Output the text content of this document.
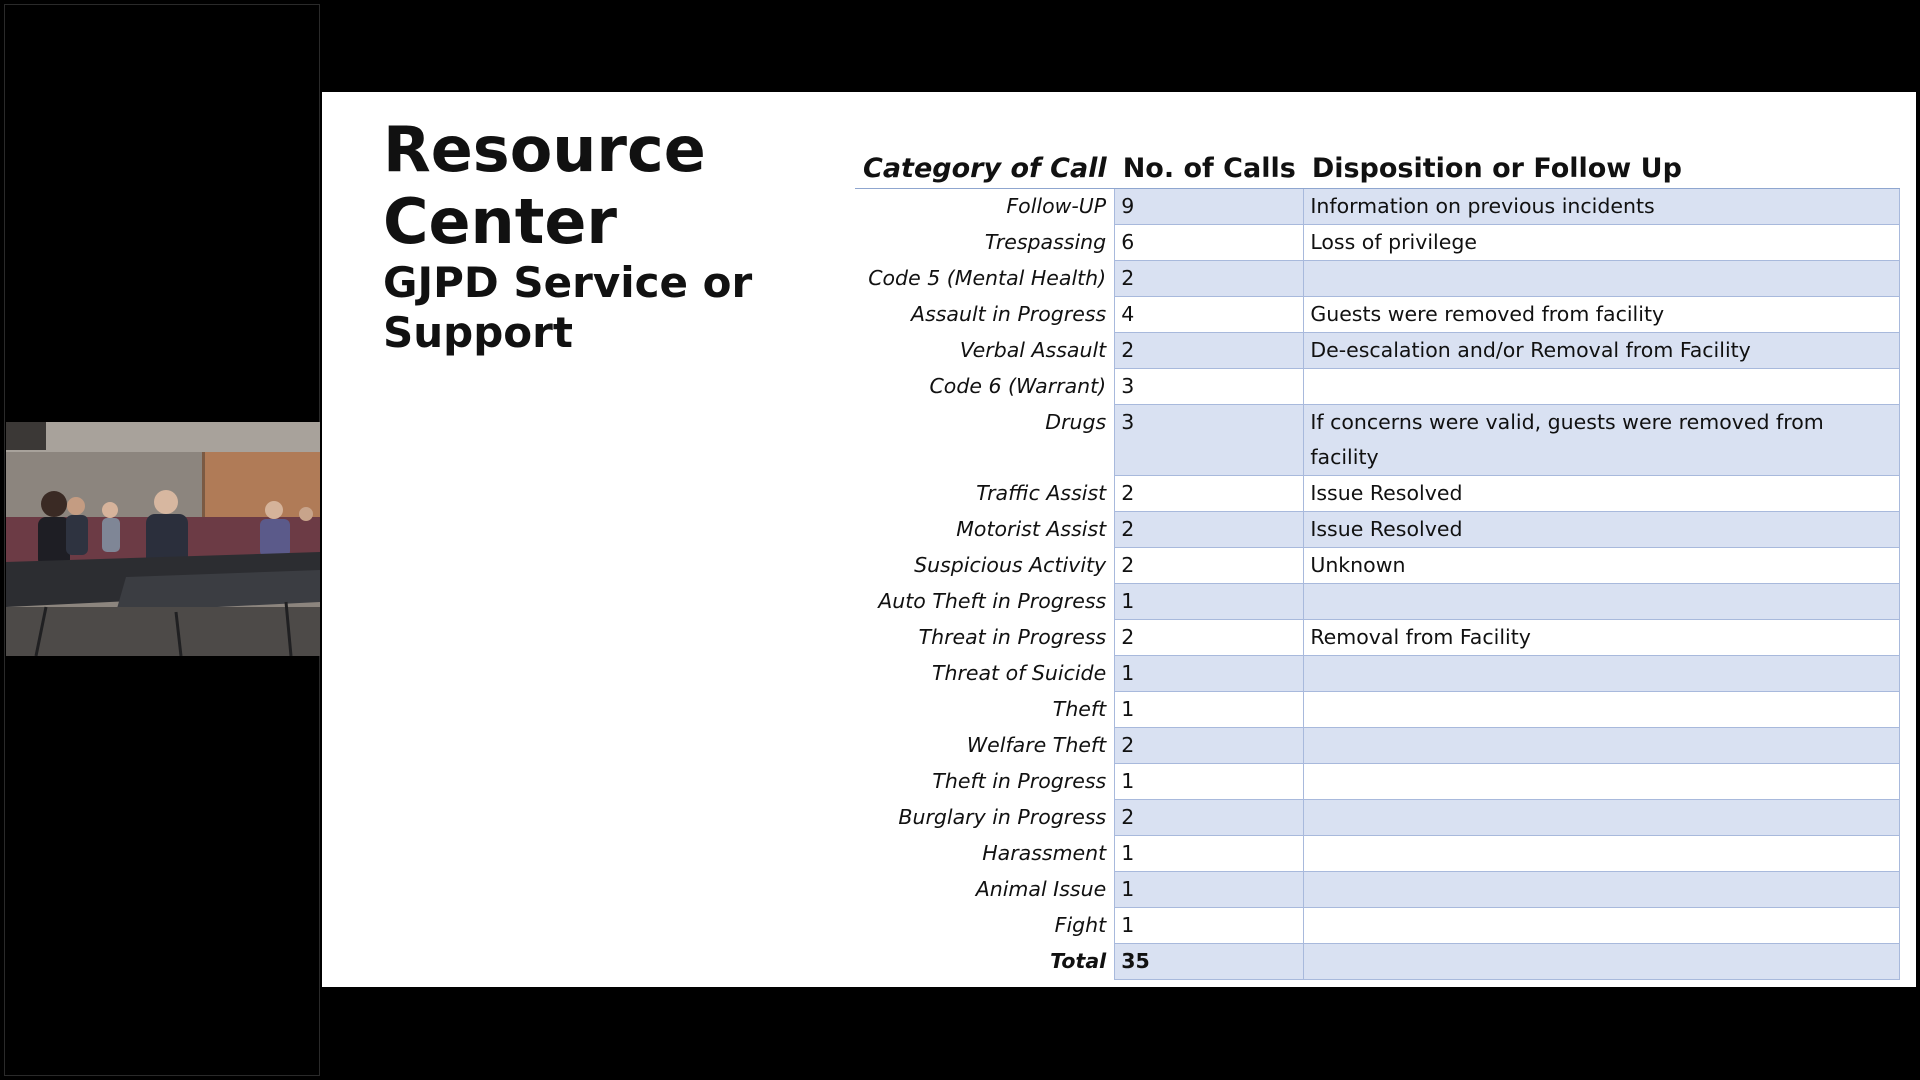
Resource Center
GJPD Service or Support
Category of Call	No. of Calls	Disposition or Follow Up
Follow-UP	9	Information on previous incidents
Trespassing	6	Loss of privilege
Code 5 (Mental Health)	2	
Assault in Progress	4	Guests were removed from facility
Verbal Assault	2	De-escalation and/or Removal from Facility
Code 6 (Warrant)	3	
Drugs	3	If concerns were valid, guests were removed from facility
Traffic Assist	2	Issue Resolved
Motorist Assist	2	Issue Resolved
Suspicious Activity	2	Unknown
Auto Theft in Progress	1	
Threat in Progress	2	Removal from Facility
Threat of Suicide	1	
Theft	1	
Welfare Theft	2	
Theft in Progress	1	
Burglary in Progress	2	
Harassment	1	
Animal Issue	1	
Fight	1	
Total	35	
